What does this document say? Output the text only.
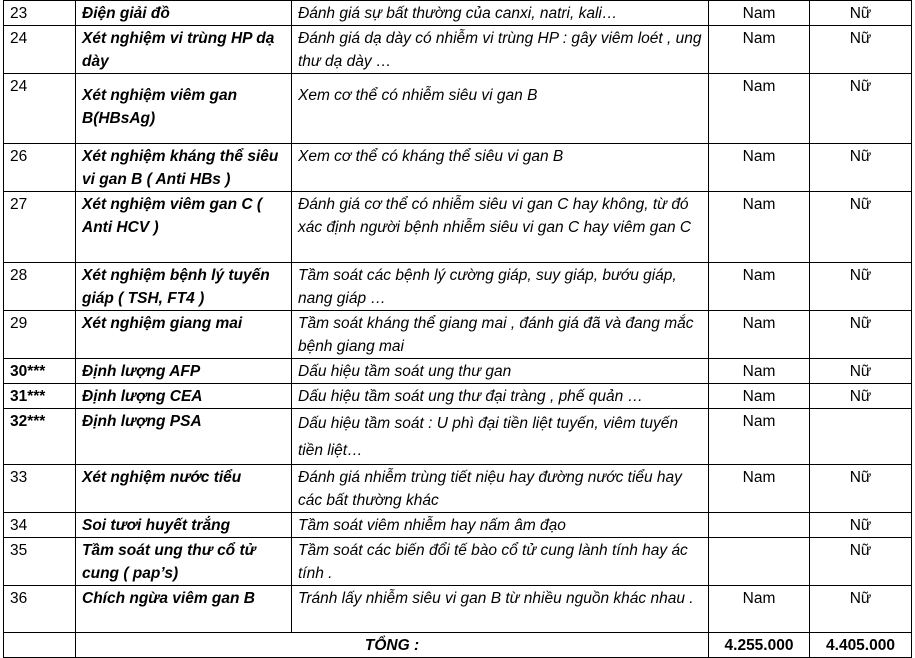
23	Điện giải đồ	Đánh giá sự bất thường của canxi, natri, kali…	Nam	Nữ
24	Xét nghiệm vi trùng HP dạ dày	Đánh giá dạ dày có nhiễm vi trùng HP : gây viêm loét , ung thư dạ dày …	Nam	Nữ
24	Xét nghiệm viêm gan B(HBsAg)	Xem cơ thể có nhiễm siêu vi gan B	Nam	Nữ
26	Xét nghiệm kháng thể siêu vi gan B ( Anti HBs )	Xem cơ thể có kháng thể siêu vi gan B	Nam	Nữ
27	Xét nghiệm viêm gan C ( Anti HCV )	Đánh giá cơ thể có nhiễm siêu vi gan C hay không, từ đó xác định người bệnh nhiễm siêu vi gan C hay viêm gan C	Nam	Nữ
28	Xét nghiệm bệnh lý tuyến giáp ( TSH, FT4 )	Tầm soát các bệnh lý cường giáp, suy giáp, bướu giáp, nang giáp …	Nam	Nữ
29	Xét nghiệm giang mai	Tầm soát kháng thể giang mai , đánh giá đã và đang mắc bệnh giang mai	Nam	Nữ
30***	Định lượng AFP	Dấu hiệu tầm soát ung thư gan	Nam	Nữ
31***	Định lượng CEA	Dấu hiệu tầm soát ung thư đại tràng , phế quản …	Nam	Nữ
32***	Định lượng PSA	Dấu hiệu tầm soát : U phì đại tiền liệt tuyến, viêm tuyến tiền liệt…	Nam	
33	Xét nghiệm nước tiểu	Đánh giá nhiễm trùng tiết niệu hay đường nước tiểu hay các bất thường khác	Nam	Nữ
34	Soi tươi huyết trắng	Tầm soát viêm nhiễm hay nấm âm đạo		Nữ
35	Tầm soát ung thư cổ tử cung ( pap’s)	Tầm soát các biến đổi tế bào cổ tử cung lành tính hay ác tính .		Nữ
36	Chích ngừa viêm gan B	Tránh lấy nhiễm siêu vi gan B từ nhiều nguồn khác nhau .	Nam	Nữ
	TỔNG :		4.255.000	4.405.000
